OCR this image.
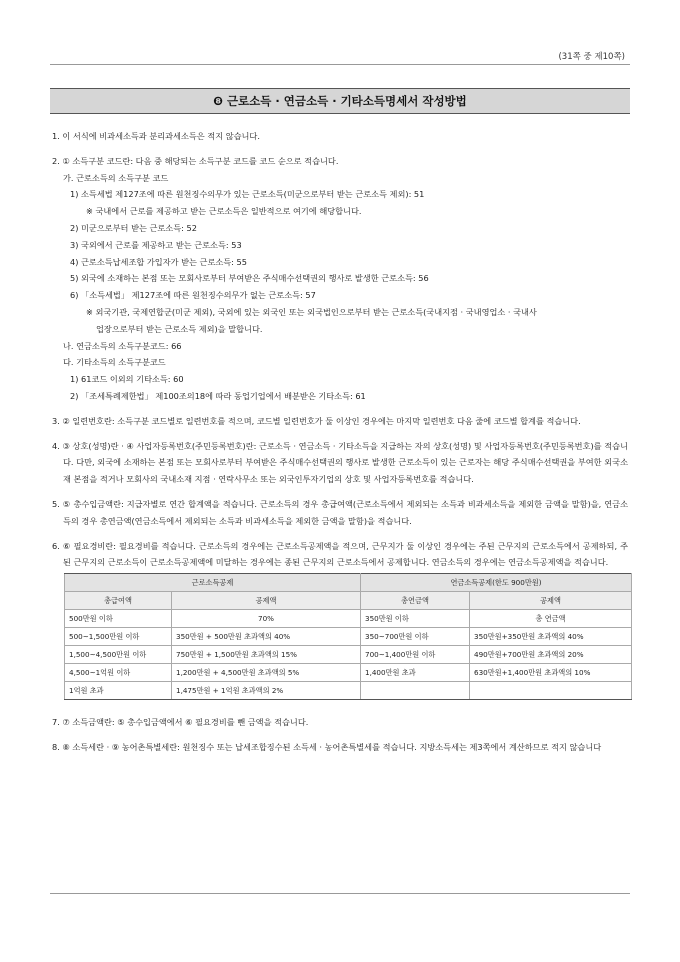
(31쪽 중 제10쪽)
❽ 근로소득 · 연금소득 · 기타소득명세서 작성방법
1. 이 서식에 비과세소득과 분리과세소득은 적지 않습니다.
2. ① 소득구분 코드란: 다음 중 해당되는 소득구분 코드를 코드 순으로 적습니다.
가. 근로소득의 소득구분 코드
1) 소득세법 제127조에 따른 원천징수의무가 있는 근로소득(미군으로부터 받는 근로소득 제외): 51
※ 국내에서 근로를 제공하고 받는 근로소득은 일반적으로 여기에 해당합니다.
2) 미군으로부터 받는 근로소득: 52
3) 국외에서 근로를 제공하고 받는 근로소득: 53
4) 근로소득납세조합 가입자가 받는 근로소득: 55
5) 외국에 소재하는 본점 또는 모회사로부터 부여받은 주식매수선택권의 행사로 발생한 근로소득: 56
6) 「소득세법」 제127조에 따른 원천징수의무가 없는 근로소득: 57
※ 외국기관, 국제연합군(미군 제외), 국외에 있는 외국인 또는 외국법인으로부터 받는 근로소득(국내지점 · 국내영업소 · 국내사
업장으로부터 받는 근로소득 제외)을 말합니다.
나. 연금소득의 소득구분코드: 66
다. 기타소득의 소득구분코드
1) 61코드 이외의 기타소득: 60
2) 「조세특례제한법」 제100조의18에 따라 동업기업에서 배분받은 기타소득: 61
3. ② 일련번호란: 소득구분 코드별로 일련번호를 적으며, 코드별 일련번호가 둘 이상인 경우에는 마지막 일련번호 다음 줄에 코드별 합계를 적습니다.
4. ③ 상호(성명)란 · ④ 사업자등록번호(주민등록번호)란: 근로소득 · 연금소득 · 기타소득을 지급하는 자의 상호(성명) 및 사업자등록번호(주민등록번호)를 적습니다. 다만, 외국에 소재하는 본점 또는 모회사로부터 부여받은 주식매수선택권의 행사로 발생한 근로소득이 있는 근로자는 해당 주식매수선택권을 부여한 외국소재 본점을 적거나 모회사의 국내소재 지점 · 연락사무소 또는 외국인투자기업의 상호 및 사업자등록번호를 적습니다.
5. ⑤ 총수입금액란: 지급자별로 연간 합계액을 적습니다. 근로소득의 경우 총급여액(근로소득에서 제외되는 소득과 비과세소득을 제외한 금액을 말함)을, 연금소득의 경우 총연금액(연금소득에서 제외되는 소득과 비과세소득을 제외한 금액을 말함)을 적습니다.
6. ⑥ 필요경비란: 필요경비를 적습니다. 근로소득의 경우에는 근로소득공제액을 적으며, 근무지가 둘 이상인 경우에는 주된 근무지의 근로소득에서 공제하되, 주된 근무지의 근로소득이 근로소득공제액에 미달하는 경우에는 종된 근무지의 근로소득에서 공제합니다. 연금소득의 경우에는 연금소득공제액을 적습니다.
근로소득공제		연금소득공제(한도 900만원)	
총급여액	공제액	총연금액	공제액
500만원 이하	70%	350만원 이하	총 연금액
500~1,500만원 이하	350만원 + 500만원 초과액의 40%	350~700만원 이하	350만원+350만원 초과액의 40%
1,500~4,500만원 이하	750만원 + 1,500만원 초과액의 15%	700~1,400만원 이하	490만원+700만원 초과액의 20%
4,500~1억원 이하	1,200만원 + 4,500만원 초과액의 5%	1,400만원 초과	630만원+1,400만원 초과액의 10%
1억원 초과	1,475만원 + 1억원 초과액의 2%		
7. ⑦ 소득금액란: ⑤ 총수입금액에서 ⑥ 필요경비를 뺀 금액을 적습니다.
8. ⑧ 소득세란 · ⑨ 농어촌특별세란: 원천징수 또는 납세조합징수된 소득세 · 농어촌특별세를 적습니다. 지방소득세는 제3쪽에서 계산하므로 적지 않습니다
